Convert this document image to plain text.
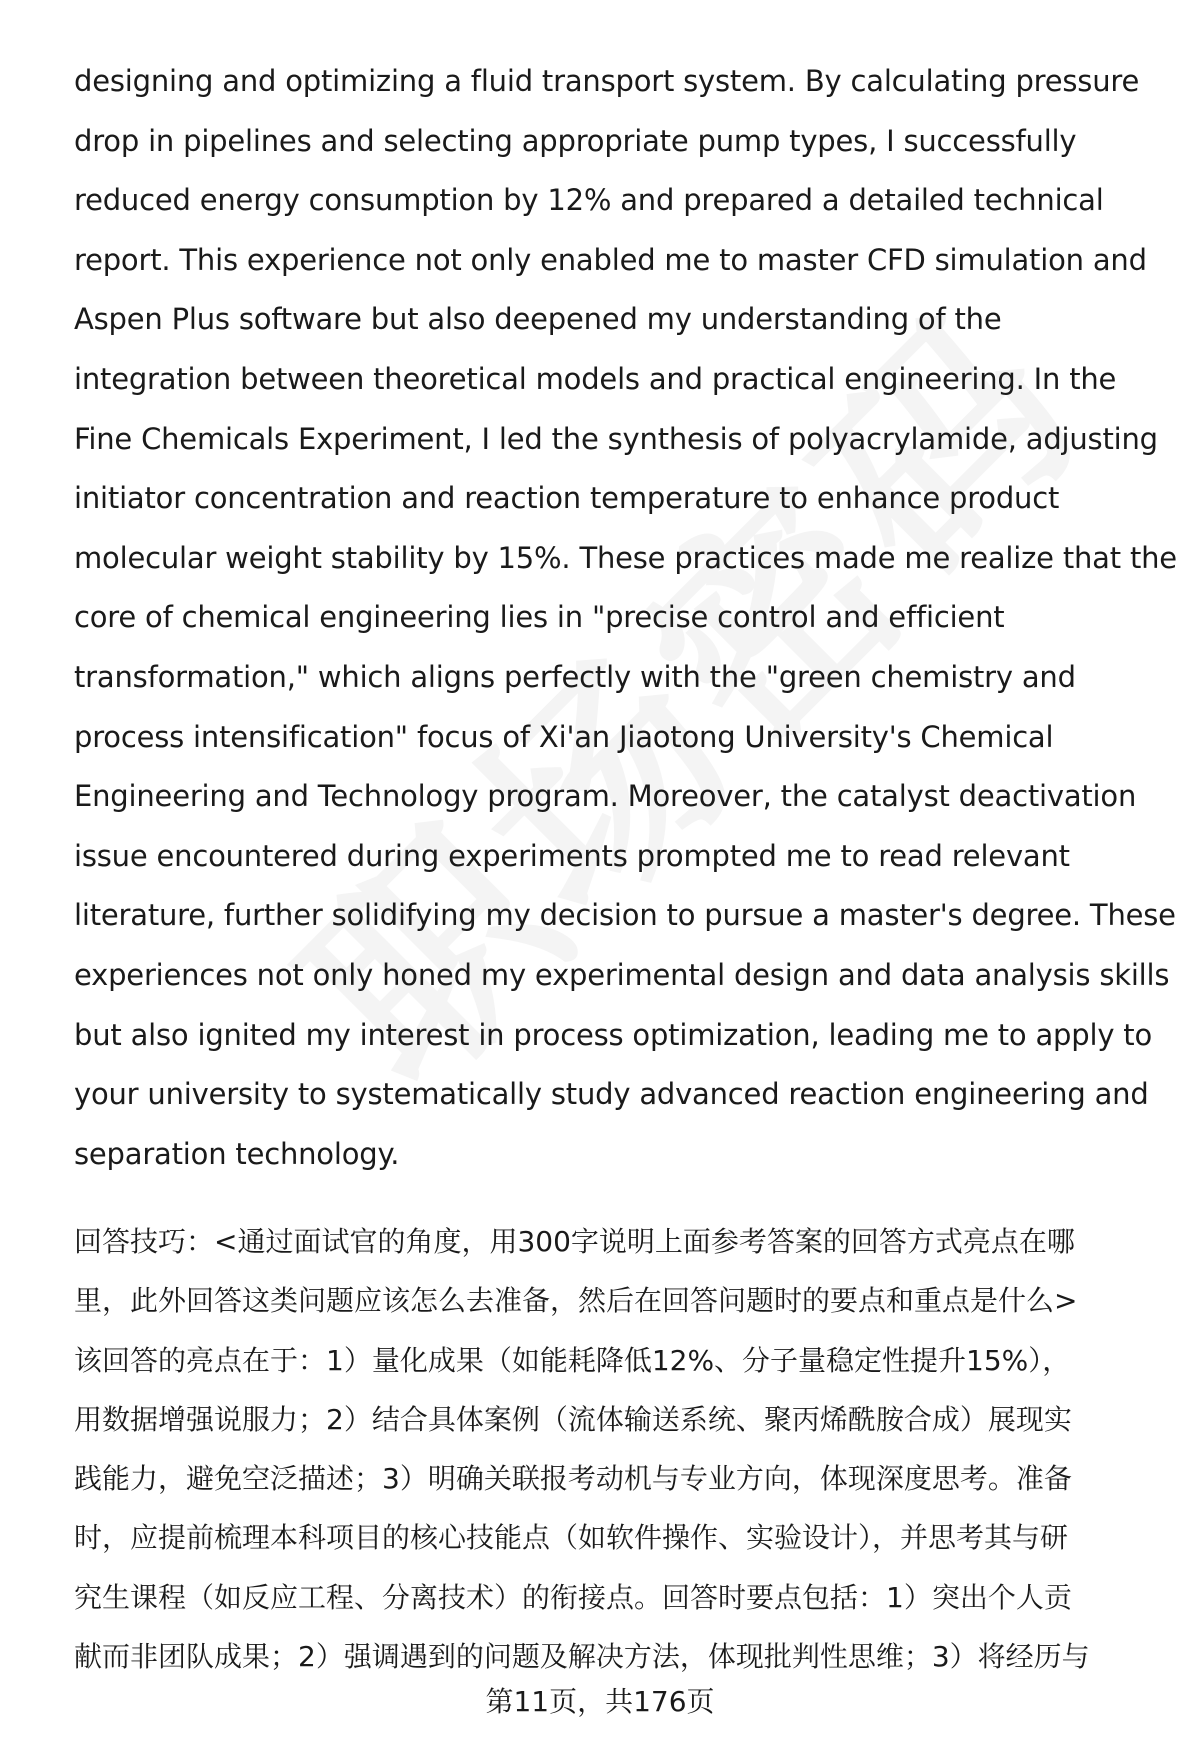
designing and optimizing a fluid transport system. By calculating pressure
drop in pipelines and selecting appropriate pump types, I successfully
reduced energy consumption by 12% and prepared a detailed technical
report. This experience not only enabled me to master CFD simulation and
Aspen Plus software but also deepened my understanding of the
integration between theoretical models and practical engineering. In the
Fine Chemicals Experiment, I led the synthesis of polyacrylamide, adjusting
initiator concentration and reaction temperature to enhance product
molecular weight stability by 15%. These practices made me realize that the
core of chemical engineering lies in "precise control and efficient
transformation," which aligns perfectly with the "green chemistry and
process intensification" focus of Xi'an Jiaotong University's Chemical
Engineering and Technology program. Moreover, the catalyst deactivation
issue encountered during experiments prompted me to read relevant
literature, further solidifying my decision to pursue a master's degree. These
experiences not only honed my experimental design and data analysis skills
but also ignited my interest in process optimization, leading me to apply to
your university to systematically study advanced reaction engineering and
separation technology.
回答技巧：<通过面试官的角度，用300字说明上面参考答案的回答方式亮点在哪
里，此外回答这类问题应该怎么去准备，然后在回答问题时的要点和重点是什么>
该回答的亮点在于：1）量化成果（如能耗降低12%、分子量稳定性提升15%），
用数据增强说服力；2）结合具体案例（流体输送系统、聚丙烯酰胺合成）展现实
践能力，避免空泛描述；3）明确关联报考动机与专业方向，体现深度思考。准备
时，应提前梳理本科项目的核心技能点（如软件操作、实验设计），并思考其与研
究生课程（如反应工程、分离技术）的衔接点。回答时要点包括：1）突出个人贡
献而非团队成果；2）强调遇到的问题及解决方法，体现批判性思维；3）将经历与
第11页，共176页
